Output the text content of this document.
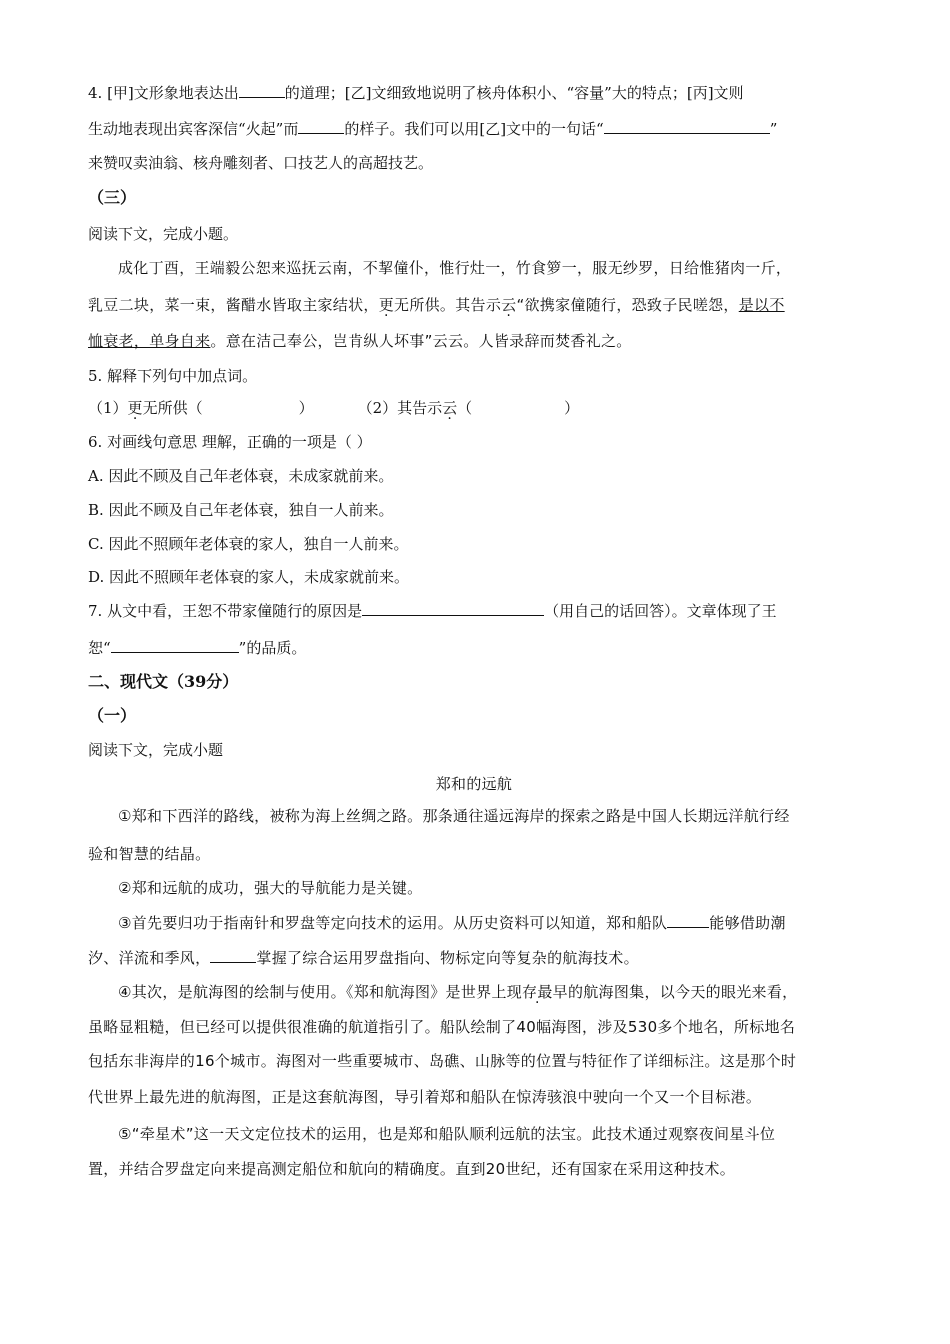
4. [甲]文形象地表达出	的道理；[乙]文细致地说明了核舟体积小、“容量”大的特点；[丙]文则
生动地表现出宾客深信“火起”而	的样子。我们可以用[乙]文中的一句话“	”
来赞叹卖油翁、核舟雕刻者、口技艺人的高超技艺。
（三）
阅读下文，完成小题。
成化丁酉，王端毅公恕来巡抚云南，不挈僮仆，惟行灶一，竹食箩一，服无纱罗，日给惟猪肉一斤，
乳豆二块，菜一束，酱醋水皆取主家结状，更无所供。其告示云“欲携家僮随行，恐致子民嗟怨，是以不
恤衰老，单身自来。意在洁己奉公，岂肯纵人坏事”云云。人皆录辞而焚香礼之。
5. 解释下列句中加点词。
（1）更无所供（	）	（2）其告示云（	）
6. 对画线句意思 理解，正确的一项是（ ）
A. 因此不顾及自己年老体衰，未成家就前来。
B. 因此不顾及自己年老体衰，独自一人前来。
C. 因此不照顾年老体衰的家人，独自一人前来。
D. 因此不照顾年老体衰的家人，未成家就前来。
7. 从文中看，王恕不带家僮随行的原因是	（用自己的话回答）。文章体现了王
恕“	”的品质。
二、现代文（39分）
（一）
阅读下文，完成小题
郑和的远航
①郑和下西洋的路线，被称为海上丝绸之路。那条通往遥远海岸的探索之路是中国人长期远洋航行经
验和智慧的结晶。
②郑和远航的成功，强大的导航能力是关键。
③首先要归功于指南针和罗盘等定向技术的运用。从历史资料可以知道，郑和船队	能够借助潮
汐、洋流和季风，	掌握了综合运用罗盘指向、物标定向等复杂的航海技术。
④其次，是航海图的绘制与使用。《郑和航海图》是世界上现存最早的航海图集，以今天的眼光来看，
虽略显粗糙，但已经可以提供很准确的航道指引了。船队绘制了40幅海图，涉及530多个地名，所标地名
包括东非海岸的16个城市。海图对一些重要城市、岛礁、山脉等的位置与特征作了详细标注。这是那个时
代世界上最先进的航海图，正是这套航海图，导引着郑和船队在惊涛骇浪中驶向一个又一个目标港。
⑤“牵星术”这一天文定位技术的运用，也是郑和船队顺利远航的法宝。此技术通过观察夜间星斗位
置，并结合罗盘定向来提高测定船位和航向的精确度。直到20世纪，还有国家在采用这种技术。
